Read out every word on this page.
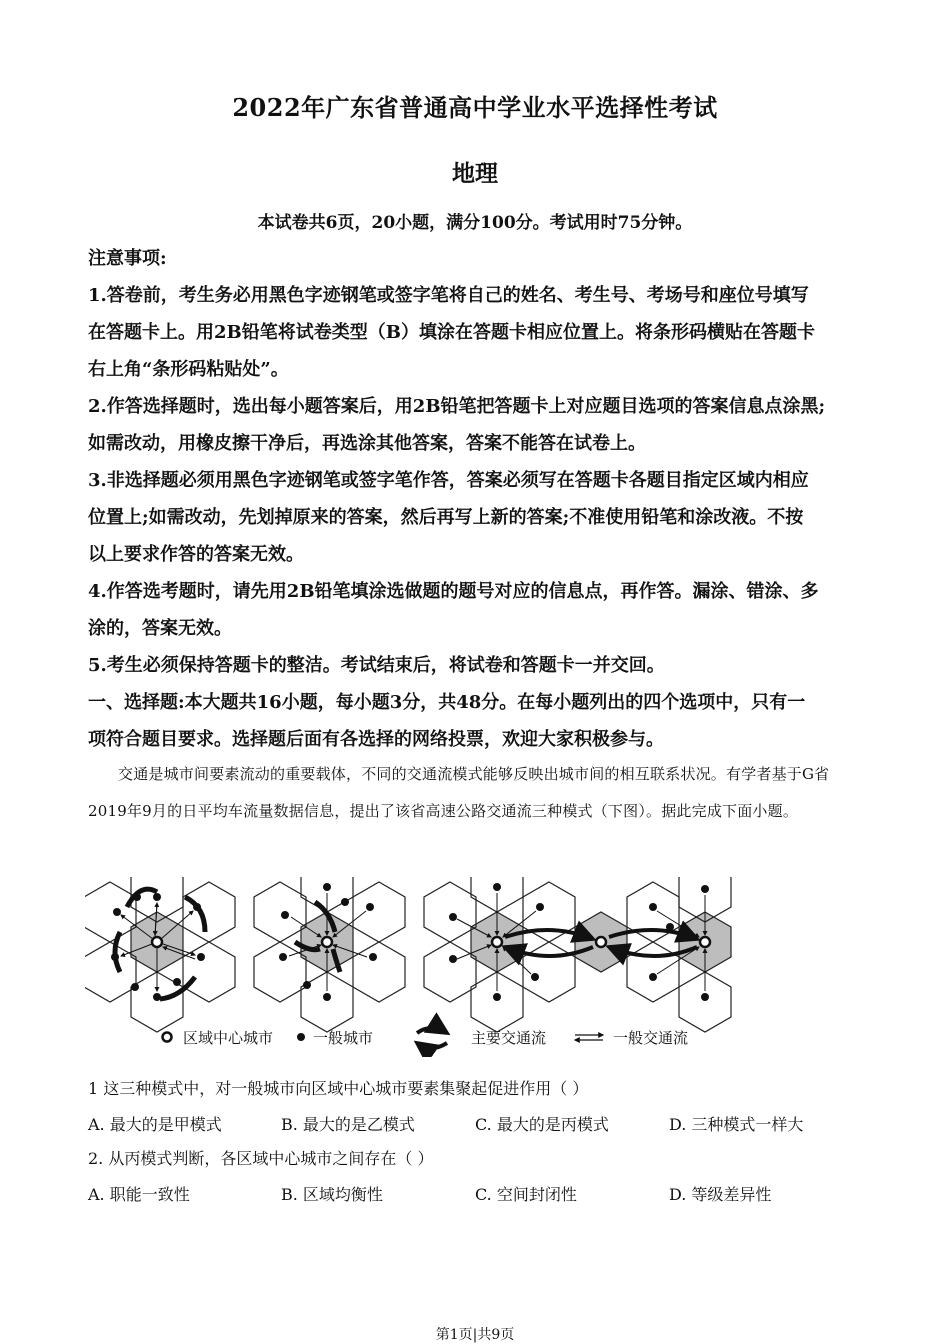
2022年广东省普通高中学业水平选择性考试
地理
本试卷共6页，20小题，满分100分。考试用时75分钟。

注意事项:

1.答卷前，考生务必用黑色字迹钢笔或签字笔将自己的姓名、考生号、考场号和座位号填写

在答题卡上。用2B铅笔将试卷类型（B）填涂在答题卡相应位置上。将条形码横贴在答题卡

右上角“条形码粘贴处”。

2.作答选择题时，选出每小题答案后，用2B铅笔把答题卡上对应题目选项的答案信息点涂黑;

如需改动，用橡皮擦干净后，再选涂其他答案，答案不能答在试卷上。

3.非选择题必须用黑色字迹钢笔或签字笔作答，答案必须写在答题卡各题目指定区域内相应

位置上;如需改动，先划掉原来的答案，然后再写上新的答案;不准使用铅笔和涂改液。不按

以上要求作答的答案无效。

4.作答选考题时，请先用2B铅笔填涂选做题的题号对应的信息点，再作答。漏涂、错涂、多

涂的，答案无效。

5.考生必须保持答题卡的整洁。考试结束后，将试卷和答题卡一并交回。

一、选择题:本大题共16小题，每小题3分，共48分。在每小题列出的四个选项中，只有一

项符合题目要求。选择题后面有各选择的网络投票，欢迎大家积极参与。

交通是城市间要素流动的重要载体，不同的交通流模式能够反映出城市间的相互联系状况。有学者基于G省2019年9月的日平均车流量数据信息，提出了该省高速公路交通流三种模式（下图）。据此完成下面小题。

区域中心城市	一般城市	主要交通流	一般交通流
1 这三种模式中，对一般城市向区域中心城市要素集聚起促进作用（ ）
A. 最大的是甲模式	B. 最大的是乙模式	C. 最大的是丙模式	D. 三种模式一样大
2. 从丙模式判断，各区域中心城市之间存在（ ）
A. 职能一致性	B. 区域均衡性	C. 空间封闭性	D. 等级差异性
第1页|共9页
